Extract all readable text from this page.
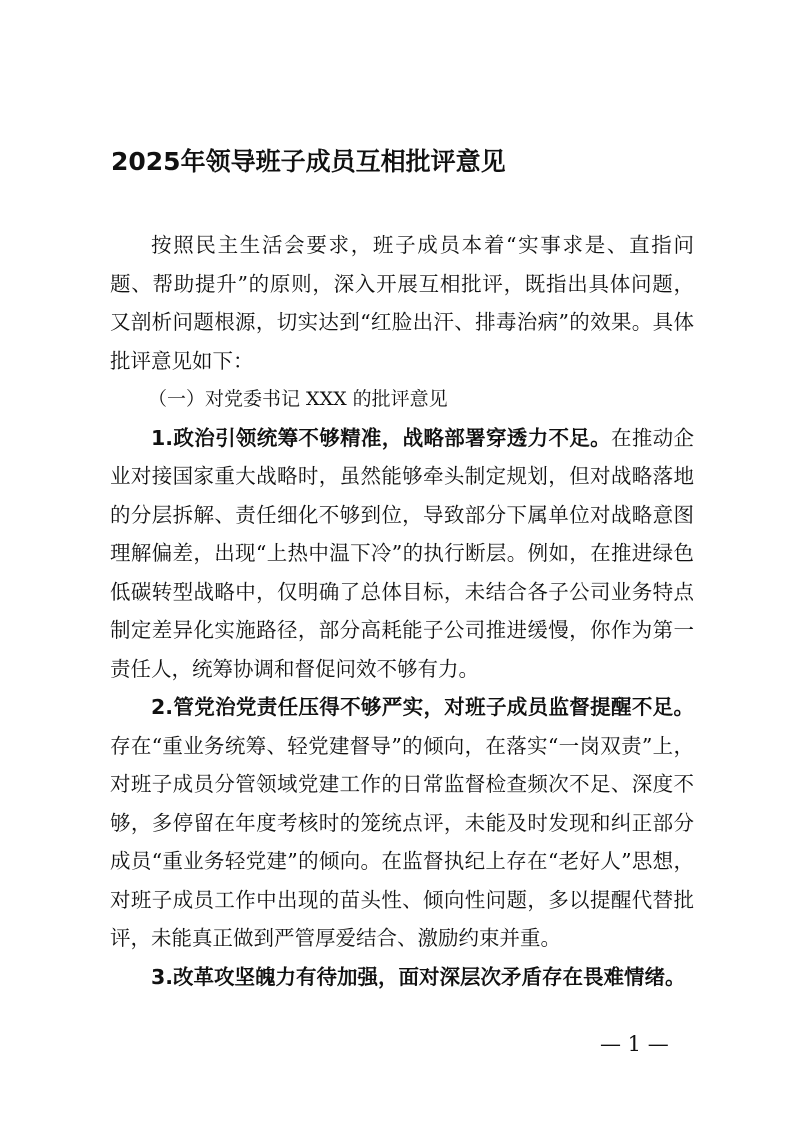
2025年领导班子成员互相批评意见

按照民主生活会要求，班子成员本着“实事求是、直指问题、帮助提升”的原则，深入开展互相批评，既指出具体问题，又剖析问题根源，切实达到“红脸出汗、排毒治病”的效果。具体批评意见如下：

（一）对党委书记 XXX 的批评意见

1.政治引领统筹不够精准，战略部署穿透力不足。在推动企业对接国家重大战略时，虽然能够牵头制定规划，但对战略落地的分层拆解、责任细化不够到位，导致部分下属单位对战略意图理解偏差，出现“上热中温下冷”的执行断层。例如，在推进绿色低碳转型战略中，仅明确了总体目标，未结合各子公司业务特点制定差异化实施路径，部分高耗能子公司推进缓慢，你作为第一责任人，统筹协调和督促问效不够有力。

2.管党治党责任压得不够严实，对班子成员监督提醒不足。存在“重业务统筹、轻党建督导”的倾向，在落实“一岗双责”上，对班子成员分管领域党建工作的日常监督检查频次不足、深度不够，多停留在年度考核时的笼统点评，未能及时发现和纠正部分成员“重业务轻党建”的倾向。在监督执纪上存在“老好人”思想，对班子成员工作中出现的苗头性、倾向性问题，多以提醒代替批评，未能真正做到严管厚爱结合、激励约束并重。

3.改革攻坚魄力有待加强，面对深层次矛盾存在畏难情绪。

— 1 —
